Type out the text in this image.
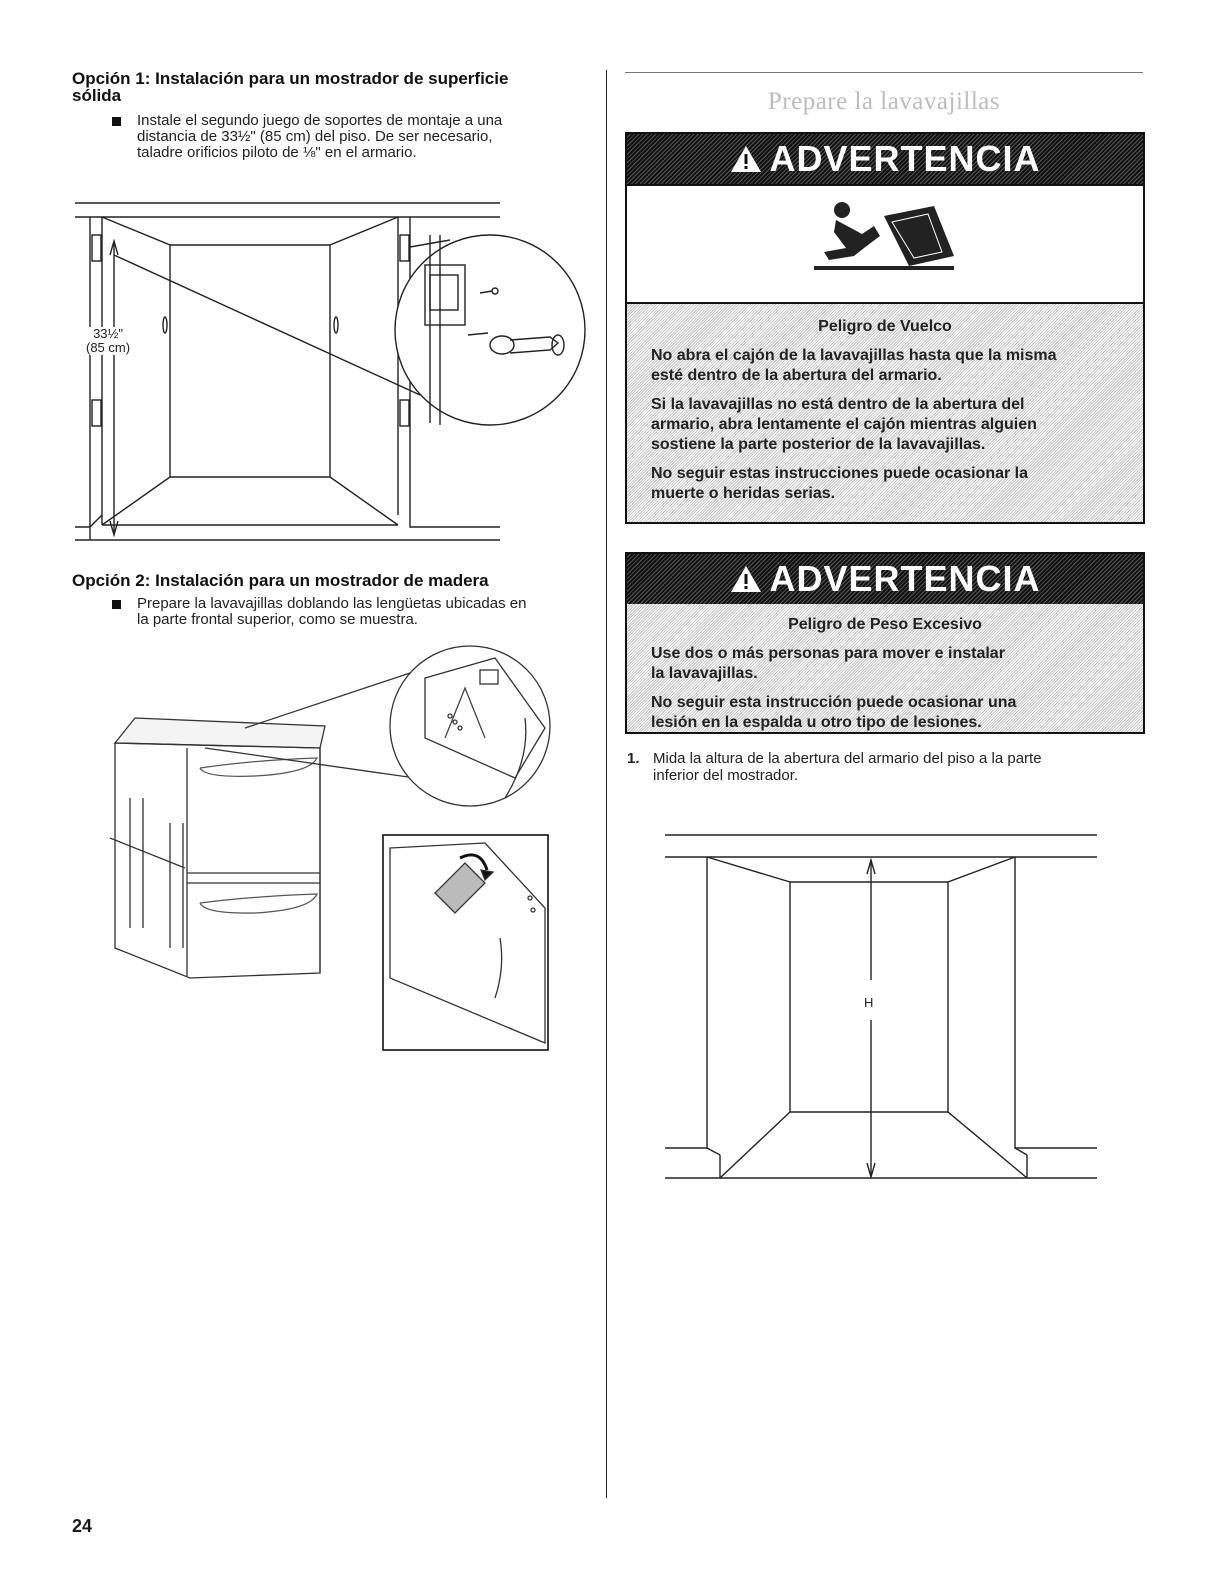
Opción 1: Instalación para un mostrador de superficie
sólida
Instale el segundo juego de soportes de montaje a una
distancia de 33½" (85 cm) del piso. De ser necesario,
taladre orificios piloto de ⅛" en el armario.
33½"
(85 cm)
Opción 2: Instalación para un mostrador de madera
Prepare la lavavajillas doblando las lengüetas ubicadas en
la parte frontal superior, como se muestra.
Prepare la lavavajillas
ADVERTENCIA
Peligro de Vuelco
No abra el cajón de la lavavajillas hasta que la misma
esté dentro de la abertura del armario.
Si la lavavajillas no está dentro de la abertura del
armario, abra lentamente el cajón mientras alguien
sostiene la parte posterior de la lavavajillas.
No seguir estas instrucciones puede ocasionar la
muerte o heridas serias.
ADVERTENCIA
Peligro de Peso Excesivo
Use dos o más personas para mover e instalar
la lavavajillas.
No seguir esta instrucción puede ocasionar una
lesión en la espalda u otro tipo de lesiones.
1. Mida la altura de la abertura del armario del piso a la parte
inferior del mostrador.
H
24
